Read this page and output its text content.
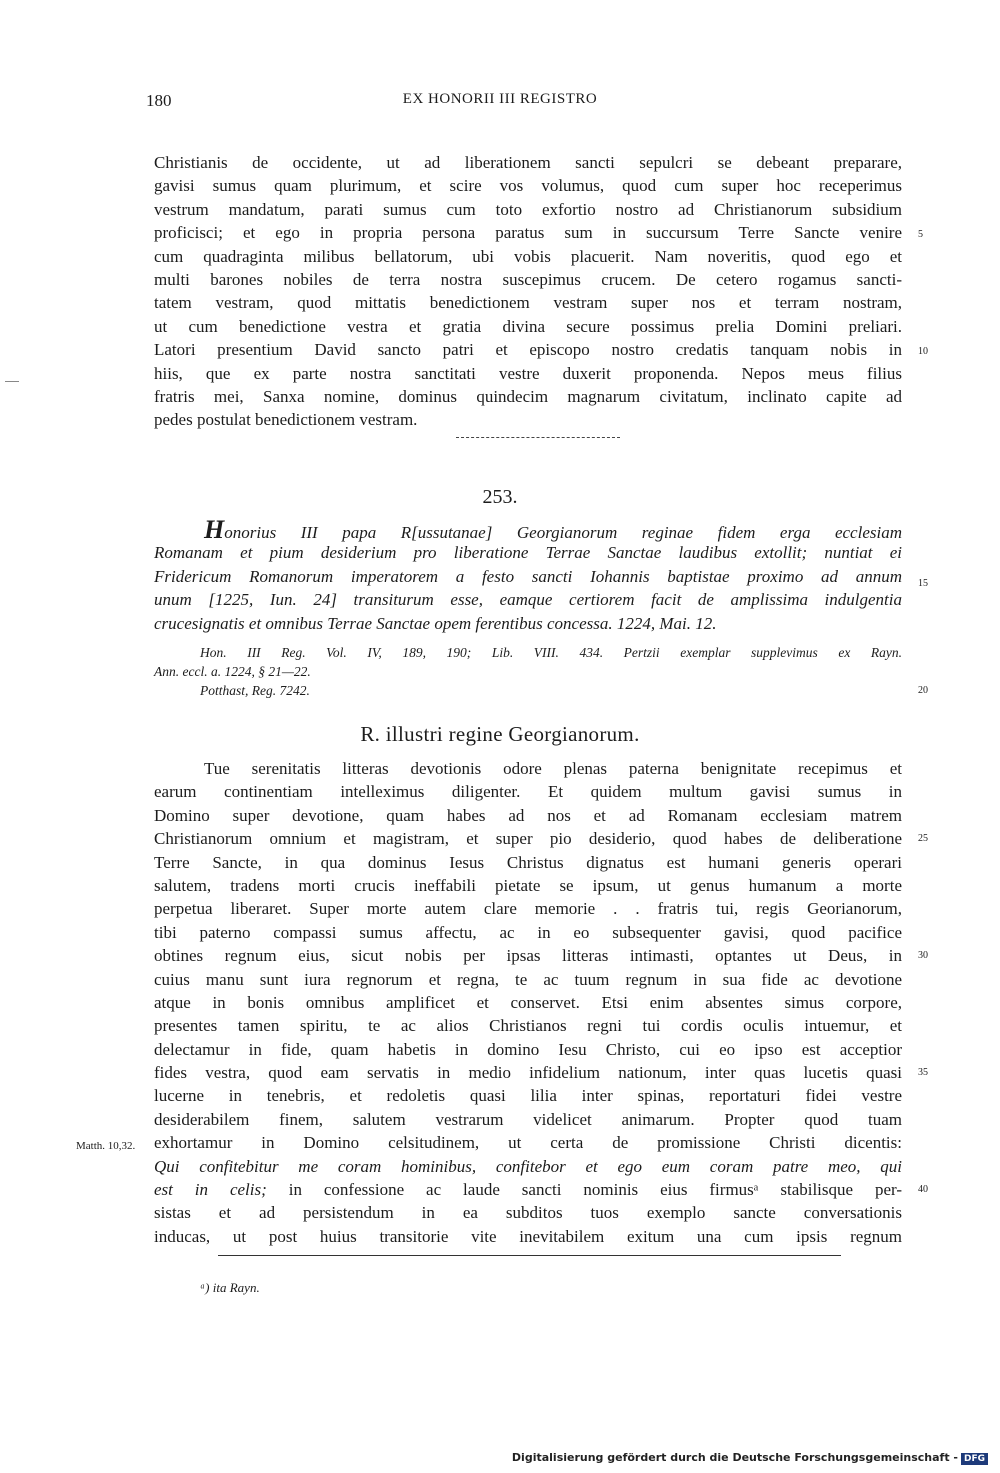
180	EX HONORII III REGISTRO
Christianis de occidente, ut ad liberationem sancti sepulcri se debeant preparare,
gavisi sumus quam plurimum, et scire vos volumus, quod cum super hoc receperimus
vestrum mandatum, parati sumus cum toto exfortio nostro ad Christianorum subsidium
proficisci; et ego in propria persona paratus sum in succursum Terre Sancte venire
cum quadraginta milibus bellatorum, ubi vobis placuerit. Nam noveritis, quod ego et
multi barones nobiles de terra nostra suscepimus crucem. De cetero rogamus sancti-
tatem vestram, quod mittatis benedictionem vestram super nos et terram nostram,
ut cum benedictione vestra et gratia divina secure possimus prelia Domini preliari.
Latori presentium David sancto patri et episcopo nostro credatis tanquam nobis in
hiis, que ex parte nostra sanctitati vestre duxerit proponenda. Nepos meus filius
fratris mei, Sanxa nomine, dominus quindecim magnarum civitatum, inclinato capite ad
pedes postulat benedictionem vestram.
5
10
253.
Honorius III papa R[ussutanae] Georgianorum reginae fidem erga ecclesiam
Romanam et pium desiderium pro liberatione Terrae Sanctae laudibus extollit; nuntiat ei
Fridericum Romanorum imperatorem a festo sancti Iohannis baptistae proximo ad annum
unum [1225, Iun. 24] transiturum esse, eamque certiorem facit de amplissima indulgentia
crucesignatis et omnibus Terrae Sanctae opem ferentibus concessa. 1224, Mai. 12.
15
Hon. III Reg. Vol. IV, 189, 190; Lib. VIII. 434. Pertzii exemplar supplevimus ex Rayn.
Ann. eccl. a. 1224, § 21—22.
Potthast, Reg. 7242.	20
R. illustri regine Georgianorum.
Tue serenitatis litteras devotionis odore plenas paterna benignitate recepimus et
earum continentiam intelleximus diligenter. Et quidem multum gavisi sumus in
Domino super devotione, quam habes ad nos et ad Romanam ecclesiam matrem
Christianorum omnium et magistram, et super pio desiderio, quod habes de deliberatione
Terre Sancte, in qua dominus Iesus Christus dignatus est humani generis operari
salutem, tradens morti crucis ineffabili pietate se ipsum, ut genus humanum a morte
perpetua liberaret. Super morte autem clare memorie . . fratris tui, regis Georianorum,
tibi paterno compassi sumus affectu, ac in eo subsequenter gavisi, quod pacifice
obtines regnum eius, sicut nobis per ipsas litteras intimasti, optantes ut Deus, in
cuius manu sunt iura regnorum et regna, te ac tuum regnum in sua fide ac devotione
atque in bonis omnibus amplificet et conservet. Etsi enim absentes simus corpore,
presentes tamen spiritu, te ac alios Christianos regni tui cordis oculis intuemur, et
delectamur in fide, quam habetis in domino Iesu Christo, cui eo ipso est acceptior
fides vestra, quod eam servatis in medio infidelium nationum, inter quas lucetis quasi
lucerne in tenebris, et redoletis quasi lilia inter spinas, reportaturi fidei vestre
desiderabilem finem, salutem vestrarum videlicet animarum. Propter quod tuam
exhortamur in Domino celsitudinem, ut certa de promissione Christi dicentis:
Qui confitebitur me coram hominibus, confitebor et ego eum coram patre meo, qui
est in celis; in confessione ac laude sancti nominis eius firmusᵃ stabilisque per-
sistas et ad persistendum in ea subditos tuos exemplo sancte conversationis
inducas, ut post huius transitorie vite inevitabilem exitum una cum ipsis regnum
25
30
35
40
Matth. 10,32.
ᵃ) ita Rayn.
Digitalisierung gefördert durch die Deutsche Forschungsgemeinschaft - DFG
